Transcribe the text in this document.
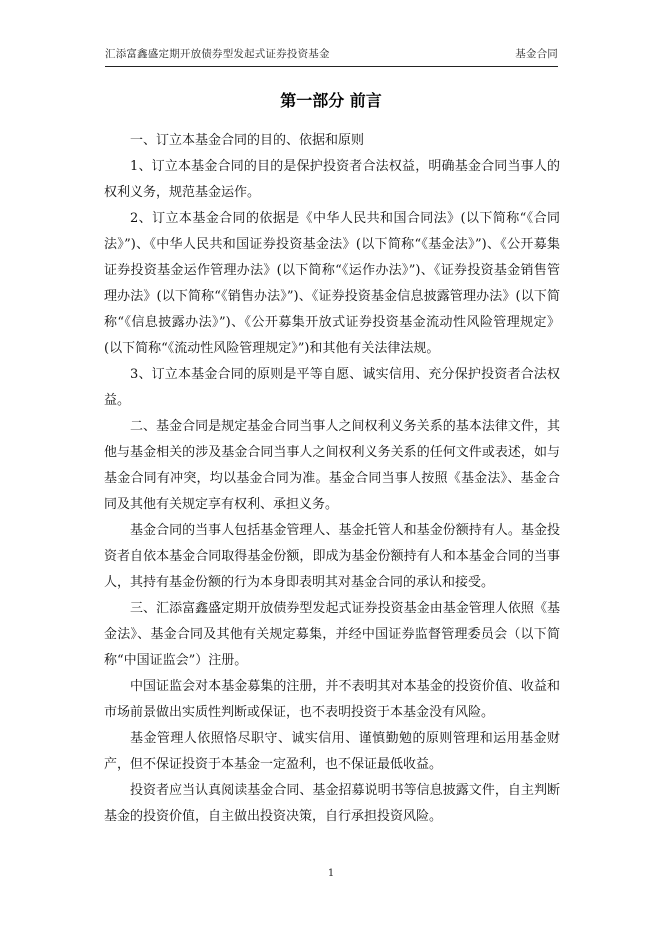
汇添富鑫盛定期开放债券型发起式证券投资基金	基金合同
第一部分 前言

一、订立本基金合同的目的、依据和原则

1、订立本基金合同的目的是保护投资者合法权益，明确基金合同当事人的权利义务，规范基金运作。

2、订立本基金合同的依据是《中华人民共和国合同法》(以下简称“《合同法》”)、《中华人民共和国证券投资基金法》(以下简称“《基金法》”)、《公开募集证券投资基金运作管理办法》(以下简称“《运作办法》”)、《证券投资基金销售管理办法》(以下简称“《销售办法》”)、《证券投资基金信息披露管理办法》(以下简称“《信息披露办法》”)、《公开募集开放式证券投资基金流动性风险管理规定》(以下简称“《流动性风险管理规定》”)和其他有关法律法规。

3、订立本基金合同的原则是平等自愿、诚实信用、充分保护投资者合法权益。

二、基金合同是规定基金合同当事人之间权利义务关系的基本法律文件，其他与基金相关的涉及基金合同当事人之间权利义务关系的任何文件或表述，如与基金合同有冲突，均以基金合同为准。基金合同当事人按照《基金法》、基金合同及其他有关规定享有权利、承担义务。

基金合同的当事人包括基金管理人、基金托管人和基金份额持有人。基金投资者自依本基金合同取得基金份额，即成为基金份额持有人和本基金合同的当事人，其持有基金份额的行为本身即表明其对基金合同的承认和接受。

三、汇添富鑫盛定期开放债券型发起式证券投资基金由基金管理人依照《基金法》、基金合同及其他有关规定募集，并经中国证券监督管理委员会（以下简称“中国证监会”）注册。

中国证监会对本基金募集的注册，并不表明其对本基金的投资价值、收益和市场前景做出实质性判断或保证，也不表明投资于本基金没有风险。

基金管理人依照恪尽职守、诚实信用、谨慎勤勉的原则管理和运用基金财产，但不保证投资于本基金一定盈利，也不保证最低收益。

投资者应当认真阅读基金合同、基金招募说明书等信息披露文件，自主判断基金的投资价值，自主做出投资决策，自行承担投资风险。

1
